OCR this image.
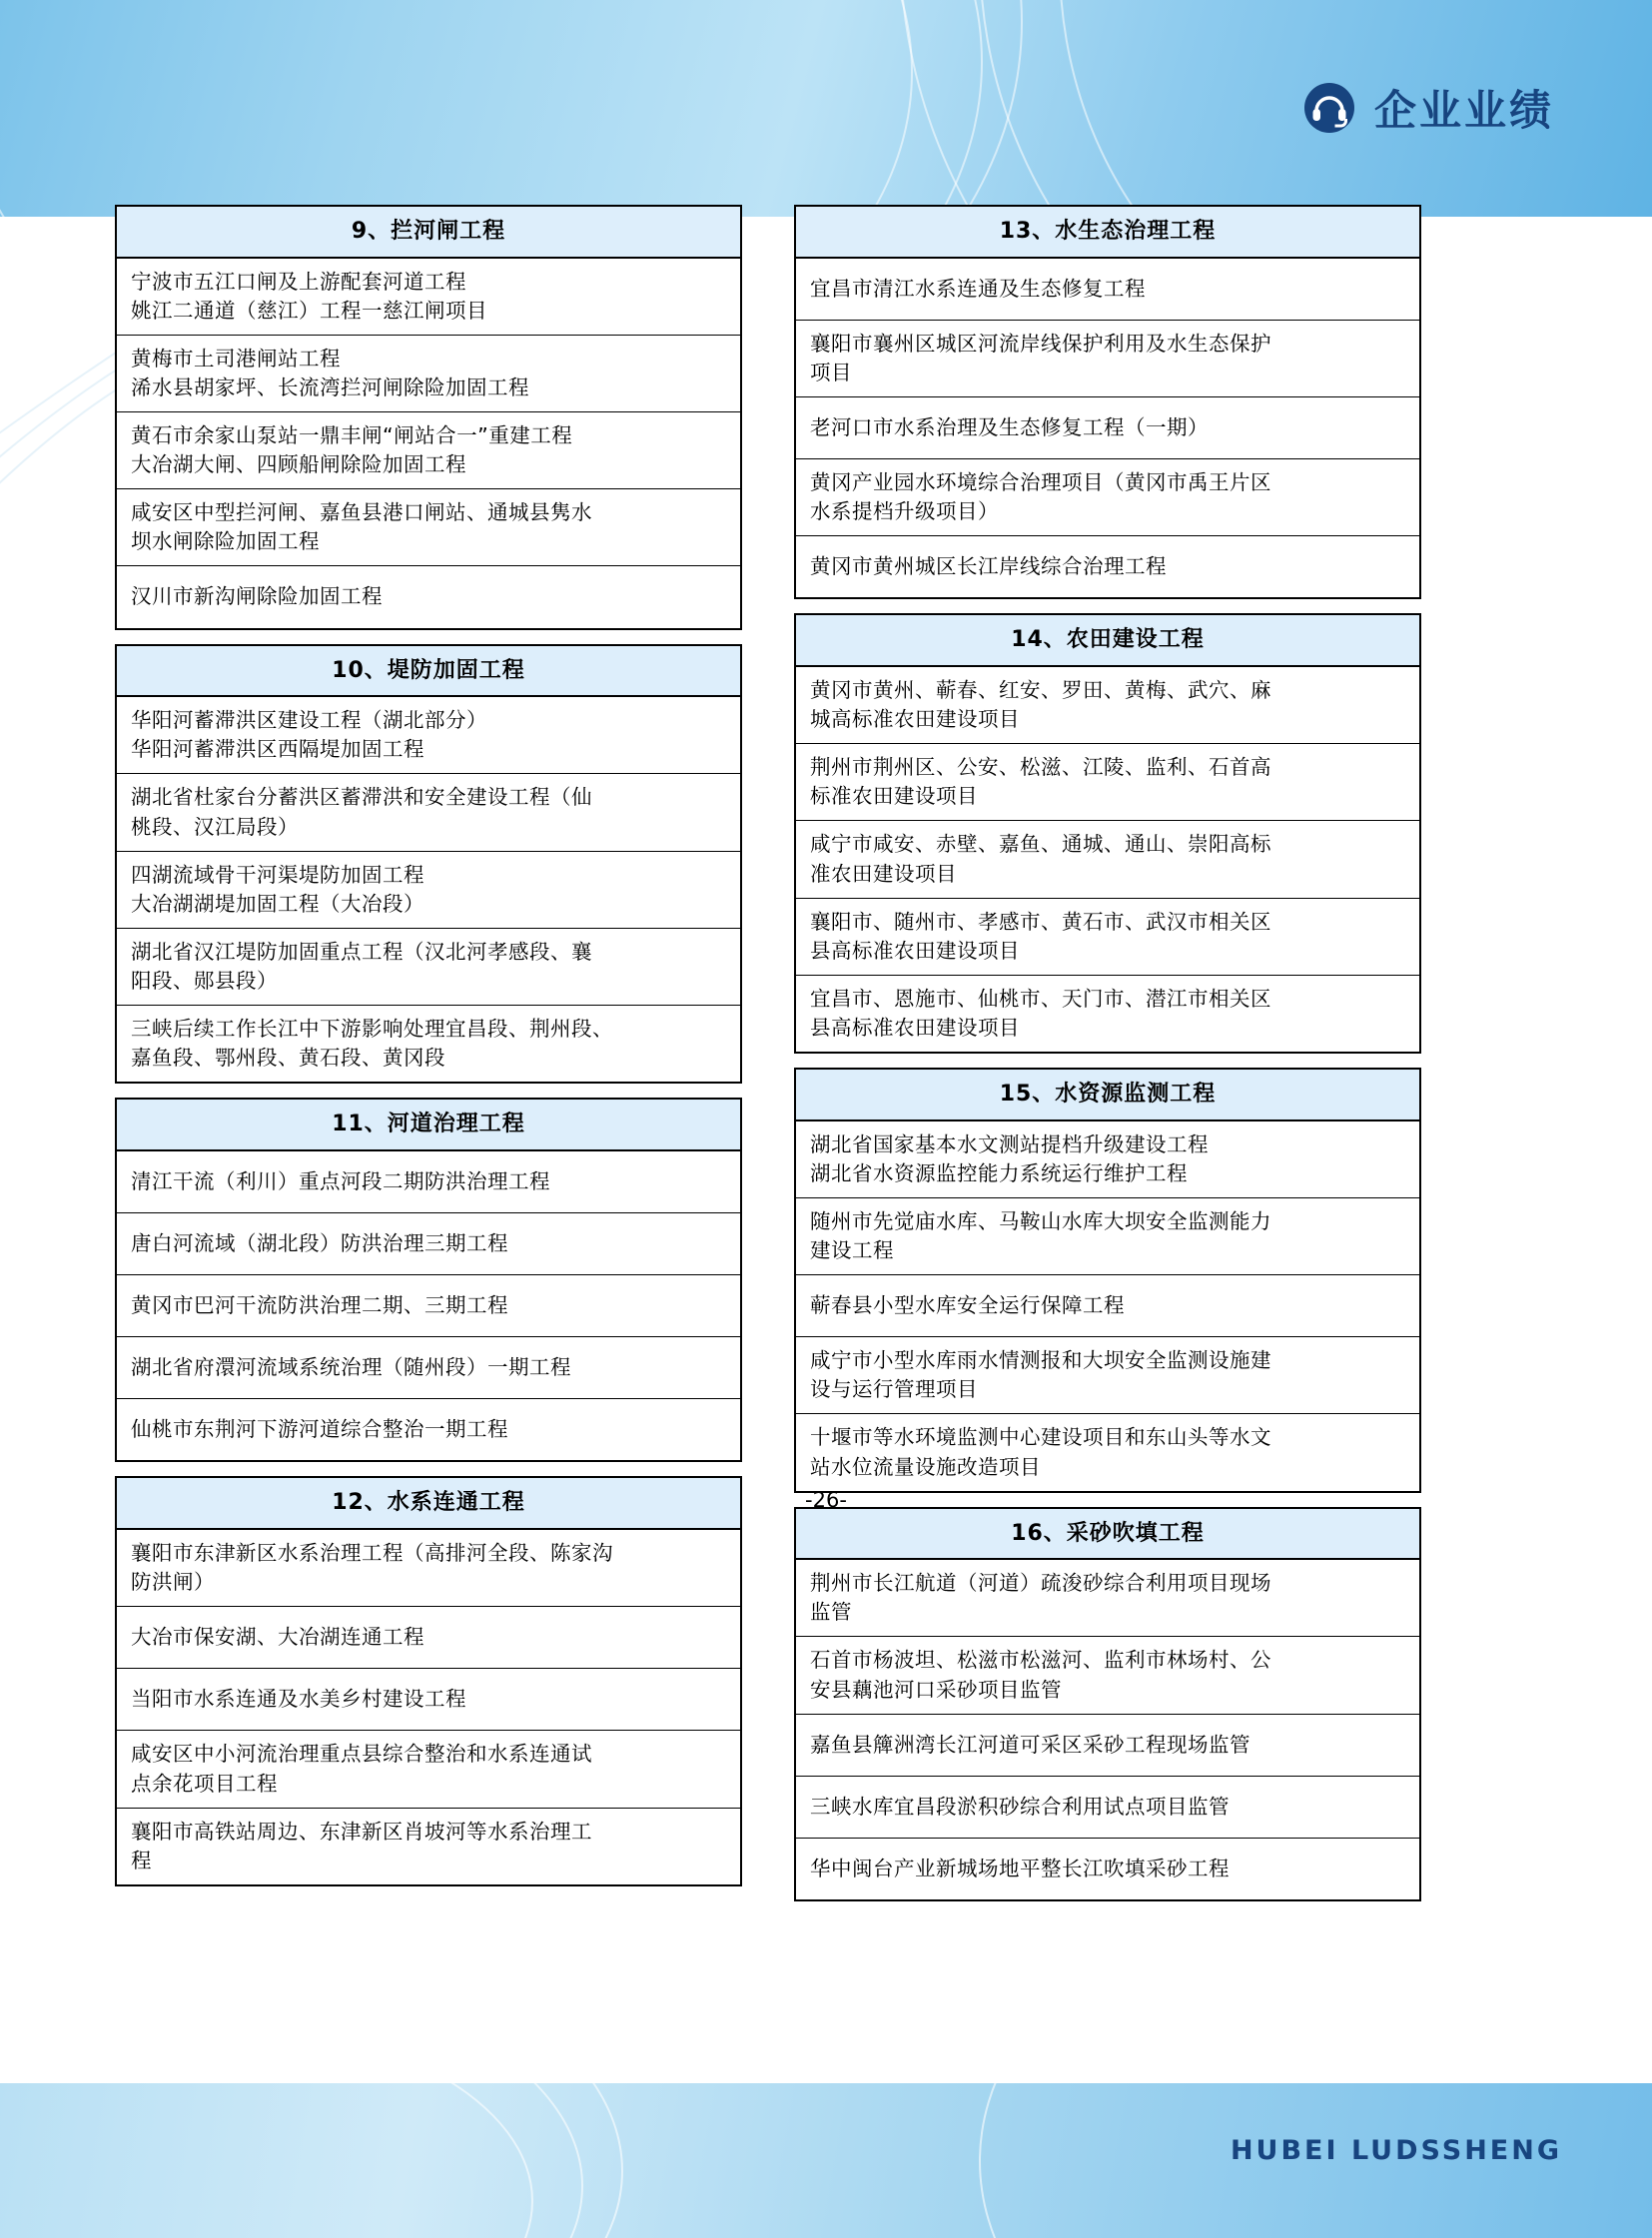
企业业绩
9、拦河闸工程
宁波市五江口闸及上游配套河道工程
姚江二通道（慈江）工程一慈江闸项目
黄梅市土司港闸站工程
浠水县胡家坪、长流湾拦河闸除险加固工程
黄石市余家山泵站一鼎丰闸“闸站合一”重建工程
大冶湖大闸、四顾船闸除险加固工程
咸安区中型拦河闸、嘉鱼县港口闸站、通城县隽水
坝水闸除险加固工程
汉川市新沟闸除险加固工程
10、堤防加固工程
华阳河蓄滞洪区建设工程（湖北部分）
华阳河蓄滞洪区西隔堤加固工程
湖北省杜家台分蓄洪区蓄滞洪和安全建设工程（仙
桃段、汉江局段）
四湖流域骨干河渠堤防加固工程
大冶湖湖堤加固工程（大冶段）
湖北省汉江堤防加固重点工程（汉北河孝感段、襄
阳段、郧县段）
三峡后续工作长江中下游影响处理宜昌段、荆州段、
嘉鱼段、鄂州段、黄石段、黄冈段
11、河道治理工程
清江干流（利川）重点河段二期防洪治理工程
唐白河流域（湖北段）防洪治理三期工程
黄冈市巴河干流防洪治理二期、三期工程
湖北省府澴河流域系统治理（随州段）一期工程
仙桃市东荆河下游河道综合整治一期工程
12、水系连通工程
襄阳市东津新区水系治理工程（高排河全段、陈家沟
防洪闸）
大冶市保安湖、大冶湖连通工程
当阳市水系连通及水美乡村建设工程
咸安区中小河流治理重点县综合整治和水系连通试
点余花项目工程
襄阳市高铁站周边、东津新区肖坡河等水系治理工
程
13、水生态治理工程
宜昌市清江水系连通及生态修复工程
襄阳市襄州区城区河流岸线保护利用及水生态保护
项目
老河口市水系治理及生态修复工程（一期）
黄冈产业园水环境综合治理项目（黄冈市禹王片区
水系提档升级项目）
黄冈市黄州城区长江岸线综合治理工程
14、农田建设工程
黄冈市黄州、蕲春、红安、罗田、黄梅、武穴、麻
城高标准农田建设项目
荆州市荆州区、公安、松滋、江陵、监利、石首高
标准农田建设项目
咸宁市咸安、赤壁、嘉鱼、通城、通山、崇阳高标
准农田建设项目
襄阳市、随州市、孝感市、黄石市、武汉市相关区
县高标准农田建设项目
宜昌市、恩施市、仙桃市、天门市、潜江市相关区
县高标准农田建设项目
15、水资源监测工程
湖北省国家基本水文测站提档升级建设工程
湖北省水资源监控能力系统运行维护工程
随州市先觉庙水库、马鞍山水库大坝安全监测能力
建设工程
蕲春县小型水库安全运行保障工程
咸宁市小型水库雨水情测报和大坝安全监测设施建
设与运行管理项目
十堰市等水环境监测中心建设项目和东山头等水文
站水位流量设施改造项目
16、采砂吹填工程
荆州市长江航道（河道）疏浚砂综合利用项目现场
监管
石首市杨波坦、松滋市松滋河、监利市林场村、公
安县藕池河口采砂项目监管
嘉鱼县簰洲湾长江河道可采区采砂工程现场监管
三峡水库宜昌段淤积砂综合利用试点项目监管
华中闽台产业新城场地平整长江吹填采砂工程
-26-
HUBEI LUDSSHENG
